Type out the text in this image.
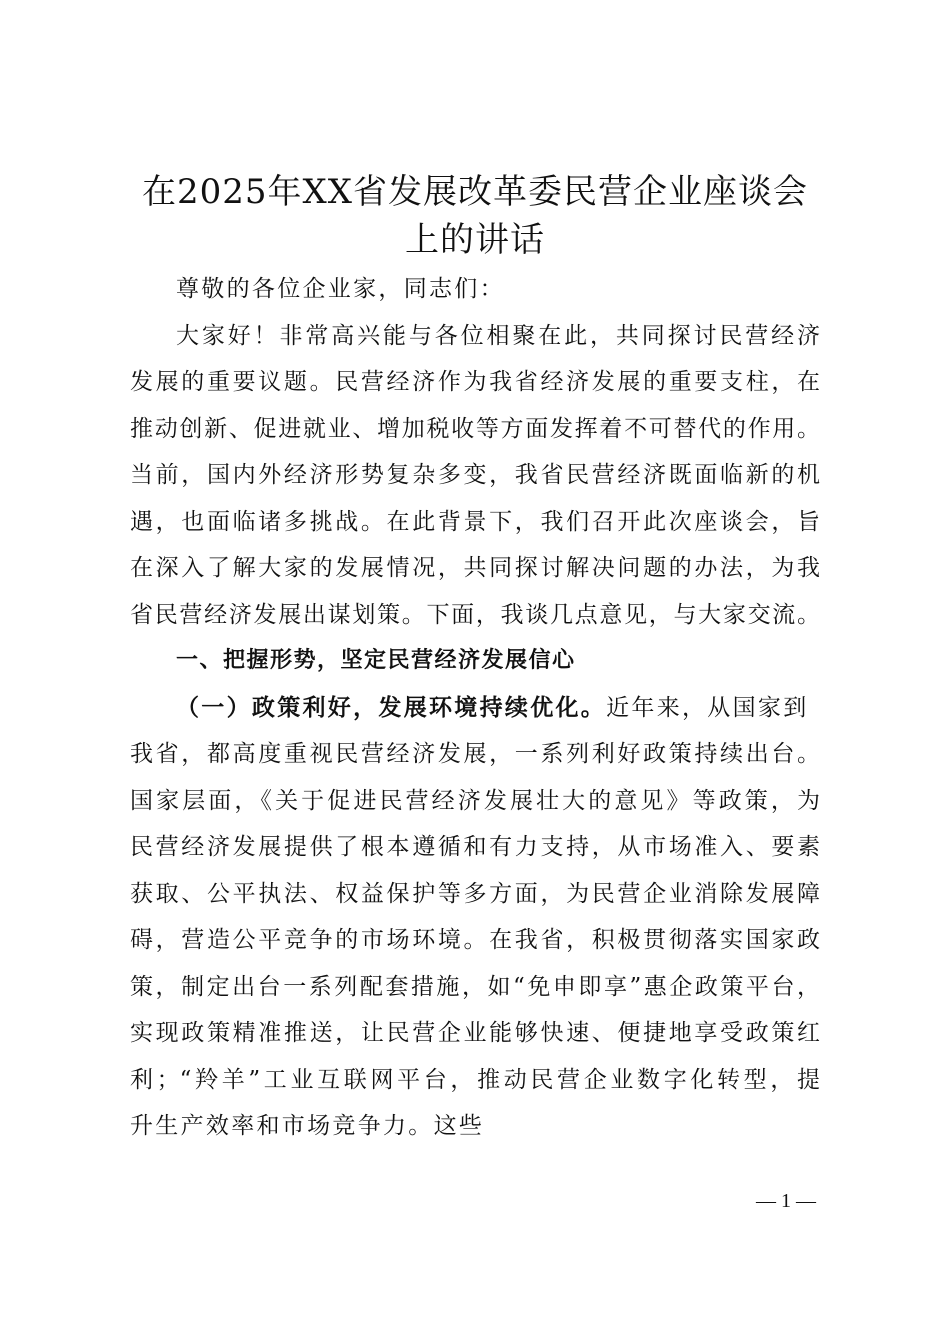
在2025年XX省发展改革委民营企业座谈会
上的讲话
尊敬的各位企业家，同志们：
大家好！非常高兴能与各位相聚在此，共同探讨民营经济
发展的重要议题。民营经济作为我省经济发展的重要支柱，在
推动创新、促进就业、增加税收等方面发挥着不可替代的作用。
当前，国内外经济形势复杂多变，我省民营经济既面临新的机
遇，也面临诸多挑战。在此背景下，我们召开此次座谈会，旨
在深入了解大家的发展情况，共同探讨解决问题的办法，为我
省民营经济发展出谋划策。下面，我谈几点意见，与大家交流。
一、把握形势，坚定民营经济发展信心
（一）政策利好，发展环境持续优化。近年来，从国家到
我省，都高度重视民营经济发展，一系列利好政策持续出台。
国家层面，《关于促进民营经济发展壮大的意见》等政策，为
民营经济发展提供了根本遵循和有力支持，从市场准入、要素
获取、公平执法、权益保护等多方面，为民营企业消除发展障
碍，营造公平竞争的市场环境。在我省，积极贯彻落实国家政
策，制定出台一系列配套措施，如“免申即享”惠企政策平台，
实现政策精准推送，让民营企业能够快速、便捷地享受政策红
利；“羚羊”工业互联网平台，推动民营企业数字化转型，提
升生产效率和市场竞争力。这些
— 1 —
